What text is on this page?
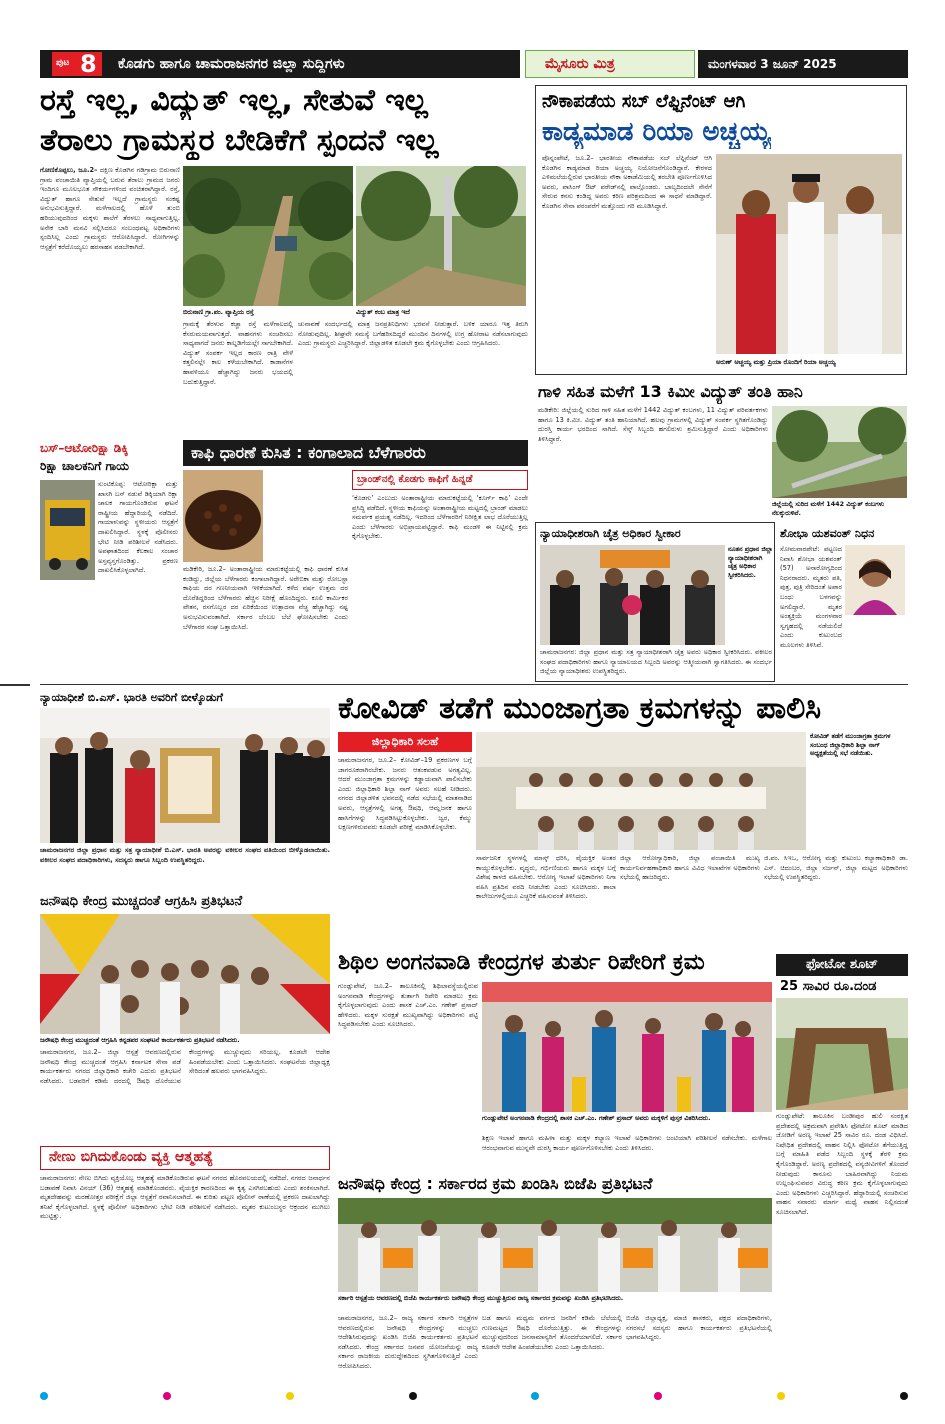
ಪುಟ 8 ಕೊಡಗು ಹಾಗೂ ಚಾಮರಾಜನಗರ ಜಿಲ್ಲಾ ಸುದ್ದಿಗಳು	ಮೈಸೂರು ಮಿತ್ರ	ಮಂಗಳವಾರ 3 ಜೂನ್ 2025
ರಸ್ತೆ ಇಲ್ಲ, ವಿದ್ಯುತ್ ಇಲ್ಲ, ಸೇತುವೆ ಇಲ್ಲ
ತೆರಾಲು ಗ್ರಾಮಸ್ಥರ ಬೇಡಿಕೆಗೆ ಸ್ಪಂದನೆ ಇಲ್ಲ
ಗೋಣಿಕೊಪ್ಪಲು, ಜೂ.2– ದಕ್ಷಿಣ ಕೊಡಗಿನ ಗಡಿಗ್ರಾಮ ಬಿರುನಾಣಿ ಗ್ರಾಮ ಪಂಚಾಯಿತಿ ವ್ಯಾಪ್ತಿಯಲ್ಲಿ ಬರುವ ತೆರಾಲು ಗ್ರಾಮದ ಜನರು ಇಂದಿಗೂ ಮೂಲಭೂತ ಸೌಕರ್ಯಗಳಿಂದ ವಂಚಿತರಾಗಿದ್ದಾರೆ. ರಸ್ತೆ, ವಿದ್ಯುತ್ ಹಾಗೂ ಸೇತುವೆ ಇಲ್ಲದೆ ಗ್ರಾಮಸ್ಥರು ಸಂಕಷ್ಟ ಅನುಭವಿಸುತ್ತಿದ್ದಾರೆ. ಮಳೆಗಾಲದಲ್ಲಿ ಹೊಳೆ ತುಂಬಿ ಹರಿಯುವುದರಿಂದ ಮಕ್ಕಳು ಶಾಲೆಗೆ ತೆರಳಲು ಸಾಧ್ಯವಾಗುತ್ತಿಲ್ಲ. ಅನೇಕ ಬಾರಿ ಮನವಿ ಸಲ್ಲಿಸಿದರೂ ಸಂಬಂಧಪಟ್ಟ ಅಧಿಕಾರಿಗಳು ಸ್ಪಂದಿಸಿಲ್ಲ ಎಂದು ಗ್ರಾಮಸ್ಥರು ಆರೋಪಿಸಿದ್ದಾರೆ. ರೋಗಿಗಳನ್ನು ಆಸ್ಪತ್ರೆಗೆ ಕರೆದೊಯ್ಯಲು ಹರಸಾಹಸ ಪಡಬೇಕಾಗಿದೆ.
ಬಿರುನಾಣಿ ಗ್ರಾ.ಪಂ. ವ್ಯಾಪ್ತಿಯ ರಸ್ತೆ	ವಿದ್ಯುತ್ ಕಂಬ ಮಾತ್ರ ಇದೆ
ಗ್ರಾಮಕ್ಕೆ ತೆರಳುವ ಕಚ್ಚಾ ರಸ್ತೆ ಮಳೆಗಾಲದಲ್ಲಿ ಕೆಸರುಮಯವಾಗುತ್ತದೆ. ವಾಹನಗಳು ಸಂಚರಿಸಲು ಸಾಧ್ಯವಾಗದೆ ಜನರು ಕಾಲ್ನಡಿಗೆಯಲ್ಲೇ ಸಾಗಬೇಕಾಗಿದೆ. ವಿದ್ಯುತ್ ಸಂಪರ್ಕ ಇಲ್ಲದ ಕಾರಣ ರಾತ್ರಿ ವೇಳೆ ಕತ್ತಲಿನಲ್ಲೇ ಕಾಲ ಕಳೆಯಬೇಕಾಗಿದೆ. ಕಾಡಾನೆಗಳ ಹಾವಳಿಯೂ ಹೆಚ್ಚಾಗಿದ್ದು ಜನರು ಭಯದಲ್ಲಿ ಬದುಕುತ್ತಿದ್ದಾರೆ.
ಚುನಾವಣೆ ಸಂದರ್ಭದಲ್ಲಿ ಮಾತ್ರ ಜನಪ್ರತಿನಿಧಿಗಳು ಭರವಸೆ ನೀಡುತ್ತಾರೆ. ಬಳಿಕ ಯಾರೂ ಇತ್ತ ತಿರುಗಿ ನೋಡುವುದಿಲ್ಲ. ಶೀಘ್ರವೇ ಸಮಸ್ಯೆ ಬಗೆಹರಿಸದಿದ್ದರೆ ಮುಂದಿನ ದಿನಗಳಲ್ಲಿ ಉಗ್ರ ಹೋರಾಟ ನಡೆಸಲಾಗುವುದು ಎಂದು ಗ್ರಾಮಸ್ಥರು ಎಚ್ಚರಿಸಿದ್ದಾರೆ. ಜಿಲ್ಲಾಡಳಿತ ಕೂಡಲೇ ಕ್ರಮ ಕೈಗೊಳ್ಳಬೇಕು ಎಂದು ಆಗ್ರಹಿಸಿದರು.
ನೌಕಾಪಡೆಯ ಸಬ್ ಲೆಫ್ಟಿನೆಂಟ್ ಆಗಿ
ಕಾಡ್ಯಮಾಡ ರಿಯಾ ಅಚ್ಚಯ್ಯ
ಪೊನ್ನಂಪೇಟೆ, ಜೂ.2– ಭಾರತೀಯ ನೌಕಾಪಡೆಯ ಸಬ್ ಲೆಫ್ಟಿನೆಂಟ್ ಆಗಿ ಕೊಡಗಿನ ಕಾಡ್ಯಮಾಡ ರಿಯಾ ಅಚ್ಚಯ್ಯ ನಿಯೋಜನೆಗೊಂಡಿದ್ದಾರೆ. ಕೇರಳದ ಎಳಿಮಲೆಯಲ್ಲಿರುವ ಭಾರತೀಯ ನೌಕಾ ಅಕಾಡೆಮಿಯಲ್ಲಿ ತರಬೇತಿ ಪೂರ್ಣಗೊಳಿಸಿದ ಅವರು, ಪಾಸಿಂಗ್ ಔಟ್ ಪರೇಡ್‌ನಲ್ಲಿ ಪಾಲ್ಗೊಂಡರು. ಬಾಲ್ಯದಿಂದಲೇ ಸೇನೆಗೆ ಸೇರುವ ಕನಸು ಕಂಡಿದ್ದ ಅವರು ಕಠಿಣ ಪರಿಶ್ರಮದಿಂದ ಈ ಸಾಧನೆ ಮಾಡಿದ್ದಾರೆ. ಕೊಡಗಿನ ಸೇನಾ ಪರಂಪರೆಗೆ ಮತ್ತೊಂದು ಗರಿ ಮೂಡಿಸಿದ್ದಾರೆ.
ಅರುಣ್ ಅಚ್ಚಯ್ಯ ಮತ್ತು ಪ್ರಿಯಾ ರೊಂದಿಗೆ ರಿಯಾ ಅಚ್ಚಯ್ಯ
ಗಾಳಿ ಸಹಿತ ಮಳೆಗೆ 13 ಕಿಮೀ ವಿದ್ಯುತ್ ತಂತಿ ಹಾನಿ
ಮಡಿಕೇರಿ: ಜಿಲ್ಲೆಯಲ್ಲಿ ಸುರಿದ ಗಾಳಿ ಸಹಿತ ಮಳೆಗೆ 1442 ವಿದ್ಯುತ್ ಕಂಬಗಳು, 11 ವಿದ್ಯುತ್ ಪರಿವರ್ತಕಗಳು ಹಾಗೂ 13 ಕಿ.ಮೀ. ವಿದ್ಯುತ್ ತಂತಿ ಹಾನಿಯಾಗಿದೆ. ಹಲವು ಗ್ರಾಮಗಳಲ್ಲಿ ವಿದ್ಯುತ್ ಸಂಪರ್ಕ ಸ್ಥಗಿತಗೊಂಡಿದ್ದು ದುರಸ್ತಿ ಕಾರ್ಯ ಭರದಿಂದ ಸಾಗಿದೆ. ಸೆಸ್ಕ್ ಸಿಬ್ಬಂದಿ ಹಗಲಿರುಳು ಶ್ರಮಿಸುತ್ತಿದ್ದಾರೆ ಎಂದು ಅಧಿಕಾರಿಗಳು ತಿಳಿಸಿದ್ದಾರೆ.
ಜಿಲ್ಲೆಯಲ್ಲಿ ಸುರಿದ ಮಳೆಗೆ 1442 ವಿದ್ಯುತ್ ಕಂಬಗಳು ನೆಲಕ್ಕುರುಳಿವೆ.
ನ್ಯಾಯಾಧೀಶರಾಗಿ ಚೈತ್ರ ಅಧಿಕಾರ ಸ್ವೀಕಾರ
ನೂತನ ಪ್ರಧಾನ ಜಿಲ್ಲಾ ನ್ಯಾಯಾಧೀಶರಾಗಿ ಚೈತ್ರ ಅಧಿಕಾರ ಸ್ವೀಕರಿಸಿದರು.
ಚಾಮರಾಜನಗರ: ಜಿಲ್ಲಾ ಪ್ರಧಾನ ಮತ್ತು ಸತ್ರ ನ್ಯಾಯಾಧೀಶರಾಗಿ ಚೈತ್ರ ಅವರು ಅಧಿಕಾರ ಸ್ವೀಕರಿಸಿದರು. ವಕೀಲರ ಸಂಘದ ಪದಾಧಿಕಾರಿಗಳು ಹಾಗೂ ನ್ಯಾಯಾಲಯದ ಸಿಬ್ಬಂದಿ ಅವರನ್ನು ಆತ್ಮೀಯವಾಗಿ ಸ್ವಾಗತಿಸಿದರು. ಈ ಸಂದರ್ಭ ಜಿಲ್ಲೆಯ ನ್ಯಾಯಾಧೀಶರು ಉಪಸ್ಥಿತರಿದ್ದರು.
ಶೋಭಾ ಯಶವಂತ್ ನಿಧನ
ಸೋಮವಾರಪೇಟೆ: ಪಟ್ಟಣದ ನಿವಾಸಿ ಶೋಭಾ ಯಶವಂತ್ (57) ಅನಾರೋಗ್ಯದಿಂದ ನಿಧನರಾದರು. ಮೃತರು ಪತಿ, ಪುತ್ರ, ಪುತ್ರಿ ಸೇರಿದಂತೆ ಅಪಾರ ಬಂಧು ಬಳಗವನ್ನು ಅಗಲಿದ್ದಾರೆ. ಮೃತರ ಅಂತ್ಯಕ್ರಿಯೆ ಮಂಗಳವಾರ ಸ್ವಗೃಹದಲ್ಲಿ ನಡೆಯಲಿದೆ ಎಂದು ಕುಟುಂಬದ ಮೂಲಗಳು ತಿಳಿಸಿವೆ.
ಬಸ್–ಆಟೋರಿಕ್ಷಾ ಡಿಕ್ಕಿ
ರಿಕ್ಷಾ ಚಾಲಕನಿಗೆ ಗಾಯ
ಸುಂಟಿಕೊಪ್ಪ: ಆಟೋರಿಕ್ಷಾ ಮತ್ತು ಖಾಸಗಿ ಬಸ್ ನಡುವೆ ಡಿಕ್ಕಿಯಾಗಿ ರಿಕ್ಷಾ ಚಾಲಕ ಗಾಯಗೊಂಡಿರುವ ಘಟನೆ ರಾಷ್ಟ್ರೀಯ ಹೆದ್ದಾರಿಯಲ್ಲಿ ನಡೆದಿದೆ. ಗಾಯಾಳುವನ್ನು ಸ್ಥಳೀಯರು ಆಸ್ಪತ್ರೆಗೆ ದಾಖಲಿಸಿದ್ದಾರೆ. ಸ್ಥಳಕ್ಕೆ ಪೊಲೀಸರು ಭೇಟಿ ನೀಡಿ ಪರಿಶೀಲನೆ ನಡೆಸಿದರು. ಅಪಘಾತದಿಂದ ಕೆಲಕಾಲ ಸಂಚಾರ ಅಸ್ತವ್ಯಸ್ತಗೊಂಡಿತ್ತು. ಪ್ರಕರಣ ದಾಖಲಿಸಿಕೊಳ್ಳಲಾಗಿದೆ.
ಕಾಫಿ ಧಾರಣೆ ಕುಸಿತ : ಕಂಗಾಲಾದ ಬೆಳೆಗಾರರು
ಮಡಿಕೇರಿ, ಜೂ.2– ಅಂತಾರಾಷ್ಟ್ರೀಯ ಮಾರುಕಟ್ಟೆಯಲ್ಲಿ ಕಾಫಿ ಧಾರಣೆ ಕುಸಿತ ಕಂಡಿದ್ದು, ಜಿಲ್ಲೆಯ ಬೆಳೆಗಾರರು ಕಂಗಾಲಾಗಿದ್ದಾರೆ. ಅರೇಬಿಕಾ ಮತ್ತು ರೋಬಸ್ಟಾ ಕಾಫಿಯ ದರ ಗಣನೀಯವಾಗಿ ಇಳಿಕೆಯಾಗಿದೆ. ಕಳೆದ ವರ್ಷ ಉತ್ತಮ ದರ ದೊರೆತಿದ್ದರಿಂದ ಬೆಳೆಗಾರರು ಹೆಚ್ಚಿನ ನಿರೀಕ್ಷೆ ಹೊಂದಿದ್ದರು. ಕೂಲಿ ಕಾರ್ಮಿಕರ ವೇತನ, ರಸಗೊಬ್ಬರ ದರ ಏರಿಕೆಯಿಂದ ಉತ್ಪಾದನಾ ವೆಚ್ಚ ಹೆಚ್ಚಾಗಿದ್ದು ನಷ್ಟ ಅನುಭವಿಸುವಂತಾಗಿದೆ. ಸರ್ಕಾರ ಬೆಂಬಲ ಬೆಲೆ ಘೋಷಿಸಬೇಕು ಎಂದು ಬೆಳೆಗಾರರ ಸಂಘ ಒತ್ತಾಯಿಸಿದೆ.
ಬ್ರಾಂಡ್‌ನಲ್ಲಿ ಕೊಡಗು ಕಾಫಿಗೆ ಹಿನ್ನಡೆ
‘ಕೊಡಗು’ ಎಂಬುದು ಅಂತಾರಾಷ್ಟ್ರೀಯ ಮಾರುಕಟ್ಟೆಯಲ್ಲಿ ‘ಕೂರ್ಗ್ ಕಾಫಿ’ ಎಂದೇ ಪ್ರಸಿದ್ಧಿ ಪಡೆದಿದೆ. ಸ್ಥಳೀಯ ಕಾಫಿಯನ್ನು ಅಂತಾರಾಷ್ಟ್ರೀಯ ಮಟ್ಟದಲ್ಲಿ ಬ್ರಾಂಡ್ ಮಾಡಲು ಸಮರ್ಪಕ ಪ್ರಯತ್ನ ನಡೆದಿಲ್ಲ. ಇದರಿಂದ ಬೆಳೆಗಾರರಿಗೆ ನಿರೀಕ್ಷಿತ ಲಾಭ ದೊರೆಯುತ್ತಿಲ್ಲ ಎಂದು ಬೆಳೆಗಾರರು ಅಭಿಪ್ರಾಯಪಟ್ಟಿದ್ದಾರೆ. ಕಾಫಿ ಮಂಡಳಿ ಈ ನಿಟ್ಟಿನಲ್ಲಿ ಕ್ರಮ ಕೈಗೊಳ್ಳಬೇಕು.
ನ್ಯಾಯಾಧೀಶೆ ಬಿ.ಎಸ್. ಭಾರತಿ ಅವರಿಗೆ ಬೀಳ್ಕೊಡುಗೆ
ಚಾಮರಾಜನಗರ ಜಿಲ್ಲಾ ಪ್ರಧಾನ ಮತ್ತು ಸತ್ರ ನ್ಯಾಯಾಧೀಶೆ ಬಿ.ಎಸ್. ಭಾರತಿ ಅವರನ್ನು ವಕೀಲರ ಸಂಘದ ವತಿಯಿಂದ ಬೀಳ್ಕೊಡಲಾಯಿತು. ವಕೀಲರ ಸಂಘದ ಪದಾಧಿಕಾರಿಗಳು, ಸದಸ್ಯರು ಹಾಗೂ ಸಿಬ್ಬಂದಿ ಉಪಸ್ಥಿತರಿದ್ದರು.
ಕೋವಿಡ್ ತಡೆಗೆ ಮುಂಜಾಗ್ರತಾ ಕ್ರಮಗಳನ್ನು ಪಾಲಿಸಿ
ಜಿಲ್ಲಾಧಿಕಾರಿ ಸಲಹೆ
ಚಾಮರಾಜನಗರ, ಜೂ.2– ಕೋವಿಡ್–19 ಪ್ರಕರಣಗಳ ಬಗ್ಗೆ ಜಾಗರೂಕರಾಗಿರಬೇಕು. ಜನರು ಆತಂಕಪಡುವ ಅಗತ್ಯವಿಲ್ಲ. ಆದರೆ ಮುಂಜಾಗ್ರತಾ ಕ್ರಮಗಳನ್ನು ಕಡ್ಡಾಯವಾಗಿ ಪಾಲಿಸಬೇಕು ಎಂದು ಜಿಲ್ಲಾಧಿಕಾರಿ ಶಿಲ್ಪಾ ನಾಗ್ ಅವರು ಸಲಹೆ ನೀಡಿದರು. ನಗರದ ಜಿಲ್ಲಾಡಳಿತ ಭವನದಲ್ಲಿ ನಡೆದ ಸಭೆಯಲ್ಲಿ ಮಾತನಾಡಿದ ಅವರು, ಆಸ್ಪತ್ರೆಗಳಲ್ಲಿ ಅಗತ್ಯ ಔಷಧಿ, ಆಮ್ಲಜನಕ ಹಾಗೂ ಹಾಸಿಗೆಗಳನ್ನು ಸಿದ್ಧಪಡಿಸಿಟ್ಟುಕೊಳ್ಳಬೇಕು. ಜ್ವರ, ಕೆಮ್ಮು ಲಕ್ಷಣಗಳಿರುವವರು ಕೂಡಲೇ ಪರೀಕ್ಷೆ ಮಾಡಿಸಿಕೊಳ್ಳಬೇಕು.
ಕೋವಿಡ್ ತಡೆಗೆ ಮುಂಜಾಗ್ರತಾ ಕ್ರಮಗಳ ಸಂಬಂಧ ಜಿಲ್ಲಾಧಿಕಾರಿ ಶಿಲ್ಪಾ ನಾಗ್ ಅಧ್ಯಕ್ಷತೆಯಲ್ಲಿ ಸಭೆ ನಡೆಯಿತು.
ಸಾರ್ವಜನಿಕ ಸ್ಥಳಗಳಲ್ಲಿ ಮಾಸ್ಕ್ ಧರಿಸಿ, ವೈಯಕ್ತಿಕ ಅಂತರ ಕಾಯ್ದುಕೊಳ್ಳಬೇಕು. ವೃದ್ಧರು, ಗರ್ಭಿಣಿಯರು ಹಾಗೂ ಮಕ್ಕಳ ಬಗ್ಗೆ ವಿಶೇಷ ಕಾಳಜಿ ವಹಿಸಬೇಕು. ಆರೋಗ್ಯ ಇಲಾಖೆ ಅಧಿಕಾರಿಗಳು ನಿಗಾ ವಹಿಸಿ ಪ್ರತಿದಿನ ವರದಿ ನೀಡಬೇಕು ಎಂದು ಸೂಚಿಸಿದರು. ಶಾಲಾ ಕಾಲೇಜುಗಳಲ್ಲಿಯೂ ಎಚ್ಚರಿಕೆ ವಹಿಸುವಂತೆ ತಿಳಿಸಿದರು.
ಜಿಲ್ಲಾ ಆರೋಗ್ಯಾಧಿಕಾರಿ, ಜಿಲ್ಲಾ ಪಂಚಾಯಿತಿ ಮುಖ್ಯ ಕಾರ್ಯನಿರ್ವಹಣಾಧಿಕಾರಿ ಹಾಗೂ ವಿವಿಧ ಇಲಾಖೆಗಳ ಅಧಿಕಾರಿಗಳು ಸಭೆಯಲ್ಲಿ ಹಾಜರಿದ್ದರು.
ಜಿ.ಪಂ. ಸಿಇಒ, ಆರೋಗ್ಯ ಮತ್ತು ಕುಟುಂಬ ಕಲ್ಯಾಣಾಧಿಕಾರಿ ಡಾ. ಎಸ್. ಚಿದಂಬರ, ಜಿಲ್ಲಾ ಸರ್ಜನ್, ಜಿಲ್ಲಾ ಮಟ್ಟದ ಅಧಿಕಾರಿಗಳು ಸಭೆಯಲ್ಲಿ ಉಪಸ್ಥಿತರಿದ್ದರು.
ಜನೌಷಧಿ ಕೇಂದ್ರ ಮುಚ್ಚದಂತೆ ಆಗ್ರಹಿಸಿ ಪ್ರತಿಭಟನೆ
ಜನೌಷಧಿ ಕೇಂದ್ರ ಮುಚ್ಚದಂತೆ ಆಗ್ರಹಿಸಿ ಕನ್ನಡಪರ ಸಂಘಟನೆ ಕಾರ್ಯಕರ್ತರು ಪ್ರತಿಭಟನೆ ನಡೆಸಿದರು.
ಚಾಮರಾಜನಗರ, ಜೂ.2– ಜಿಲ್ಲಾ ಆಸ್ಪತ್ರೆ ಆವರಣದಲ್ಲಿರುವ ಜನೌಷಧಿ ಕೇಂದ್ರ ಮುಚ್ಚದಂತೆ ಆಗ್ರಹಿಸಿ ಕರ್ನಾಟಕ ಸೇನಾ ಪಡೆ ಕಾರ್ಯಕರ್ತರು ನಗರದ ಜಿಲ್ಲಾಧಿಕಾರಿ ಕಚೇರಿ ಎದುರು ಪ್ರತಿಭಟನೆ ನಡೆಸಿದರು. ಬಡವರಿಗೆ ಕಡಿಮೆ ದರದಲ್ಲಿ ಔಷಧಿ ದೊರೆಯುವ ಕೇಂದ್ರಗಳನ್ನು ಮುಚ್ಚುವುದು ಸರಿಯಲ್ಲ. ಕೂಡಲೇ ಆದೇಶ ಹಿಂಪಡೆಯಬೇಕು ಎಂದು ಒತ್ತಾಯಿಸಿದರು. ಸಂಘಟನೆಯ ಜಿಲ್ಲಾಧ್ಯಕ್ಷ ಸೇರಿದಂತೆ ಹಲವರು ಭಾಗವಹಿಸಿದ್ದರು.
ನೇಣು ಬಿಗಿದುಕೊಂಡು ವ್ಯಕ್ತಿ ಆತ್ಮಹತ್ಯೆ
ಚಾಮರಾಜನಗರ: ನೇಣು ಬಿಗಿದು ವ್ಯಕ್ತಿಯೊಬ್ಬ ಆತ್ಮಹತ್ಯೆ ಮಾಡಿಕೊಂಡಿರುವ ಘಟನೆ ನಗರದ ಹೊರವಲಯದಲ್ಲಿ ನಡೆದಿದೆ. ನಗರದ ಜನಾರ್ಧನ ಬಡಾವಣೆ ನಿವಾಸಿ ವಿನಯ್ (36) ಆತ್ಮಹತ್ಯೆ ಮಾಡಿಕೊಂಡವರು. ವೈಯಕ್ತಿಕ ಕಾರಣದಿಂದ ಈ ಕೃತ್ಯ ಎಸಗಿರಬಹುದು ಎಂದು ಶಂಕಿಸಲಾಗಿದೆ. ಮೃತದೇಹವನ್ನು ಮರಣೋತ್ತರ ಪರೀಕ್ಷೆಗೆ ಜಿಲ್ಲಾ ಆಸ್ಪತ್ರೆಗೆ ರವಾನಿಸಲಾಗಿದೆ. ಈ ಕುರಿತು ಪಟ್ಟಣ ಪೊಲೀಸ್ ಠಾಣೆಯಲ್ಲಿ ಪ್ರಕರಣ ದಾಖಲಾಗಿದ್ದು ತನಿಖೆ ಕೈಗೊಳ್ಳಲಾಗಿದೆ. ಸ್ಥಳಕ್ಕೆ ಪೊಲೀಸ್ ಅಧಿಕಾರಿಗಳು ಭೇಟಿ ನೀಡಿ ಪರಿಶೀಲನೆ ನಡೆಸಿದರು. ಮೃತರ ಕುಟುಂಬಸ್ಥರ ಆಕ್ರಂದನ ಮುಗಿಲು ಮುಟ್ಟಿತ್ತು.
ಶಿಥಿಲ ಅಂಗನವಾಡಿ ಕೇಂದ್ರಗಳ ತುರ್ತು ರಿಪೇರಿಗೆ ಕ್ರಮ
ಗುಂಡ್ಲುಪೇಟೆ, ಜೂ.2– ತಾಲೂಕಿನಲ್ಲಿ ಶಿಥಿಲಾವಸ್ಥೆಯಲ್ಲಿರುವ ಅಂಗನವಾಡಿ ಕೇಂದ್ರಗಳನ್ನು ತುರ್ತಾಗಿ ರಿಪೇರಿ ಮಾಡಲು ಕ್ರಮ ಕೈಗೊಳ್ಳಲಾಗುವುದು ಎಂದು ಶಾಸಕ ಎಚ್.ಎಂ. ಗಣೇಶ್ ಪ್ರಸಾದ್ ಹೇಳಿದರು. ಮಕ್ಕಳ ಸುರಕ್ಷತೆ ಮುಖ್ಯವಾಗಿದ್ದು ಅಧಿಕಾರಿಗಳು ಪಟ್ಟಿ ಸಿದ್ಧಪಡಿಸಬೇಕು ಎಂದು ಸೂಚಿಸಿದರು.
ಗುಂಡ್ಲುಪೇಟೆ ಅಂಗನವಾಡಿ ಕೇಂದ್ರದಲ್ಲಿ ಶಾಸಕ ಎಚ್.ಎಂ. ಗಣೇಶ್ ಪ್ರಸಾದ್ ಅವರು ಮಕ್ಕಳಿಗೆ ಪುಸ್ತಕ ವಿತರಿಸಿದರು.
ಶಿಕ್ಷಣ ಇಲಾಖೆ ಹಾಗೂ ಮಹಿಳಾ ಮತ್ತು ಮಕ್ಕಳ ಕಲ್ಯಾಣ ಇಲಾಖೆ ಅಧಿಕಾರಿಗಳು ಜಂಟಿಯಾಗಿ ಪರಿಶೀಲನೆ ನಡೆಸಬೇಕು. ಮಳೆಗಾಲ ಆರಂಭವಾಗುವ ಮುನ್ನವೇ ದುರಸ್ತಿ ಕಾರ್ಯ ಪೂರ್ಣಗೊಳಿಸಬೇಕು ಎಂದು ತಿಳಿಸಿದರು.
ಫೋಟೋ ಶೂಟ್
25 ಸಾವಿರ ರೂ.ದಂಡ
ಗುಂಡ್ಲುಪೇಟೆ: ತಾಲೂಕಿನ ಬಂಡೀಪುರ ಹುಲಿ ಸಂರಕ್ಷಿತ ಪ್ರದೇಶದಲ್ಲಿ ಅಕ್ರಮವಾಗಿ ಪ್ರವೇಶಿಸಿ ಫೋಟೋ ಶೂಟ್ ಮಾಡಿದ ಜೋಡಿಗೆ ಅರಣ್ಯ ಇಲಾಖೆ 25 ಸಾವಿರ ರೂ. ದಂಡ ವಿಧಿಸಿದೆ. ನಿಷೇಧಿತ ಪ್ರದೇಶದಲ್ಲಿ ವಾಹನ ನಿಲ್ಲಿಸಿ ಫೋಟೋ ತೆಗೆಯುತ್ತಿದ್ದ ಬಗ್ಗೆ ಮಾಹಿತಿ ಪಡೆದ ಸಿಬ್ಬಂದಿ ಸ್ಥಳಕ್ಕೆ ತೆರಳಿ ಕ್ರಮ ಕೈಗೊಂಡಿದ್ದಾರೆ. ಅರಣ್ಯ ಪ್ರದೇಶದಲ್ಲಿ ವನ್ಯಜೀವಿಗಳಿಗೆ ತೊಂದರೆ ನೀಡುವುದು ಕಾನೂನು ಬಾಹಿರವಾಗಿದ್ದು ನಿಯಮ ಉಲ್ಲಂಘಿಸುವವರ ವಿರುದ್ಧ ಕಠಿಣ ಕ್ರಮ ಕೈಗೊಳ್ಳಲಾಗುವುದು ಎಂದು ಅಧಿಕಾರಿಗಳು ಎಚ್ಚರಿಸಿದ್ದಾರೆ. ಹೆದ್ದಾರಿಯಲ್ಲಿ ಸಂಚರಿಸುವ ವಾಹನ ಸವಾರರು ಮಾರ್ಗ ಮಧ್ಯೆ ವಾಹನ ನಿಲ್ಲಿಸದಂತೆ ಸೂಚಿಸಲಾಗಿದೆ.
ಜನೌಷಧಿ ಕೇಂದ್ರ : ಸರ್ಕಾರದ ಕ್ರಮ ಖಂಡಿಸಿ ಬಿಜೆಪಿ ಪ್ರತಿಭಟನೆ
ಸರ್ಕಾರಿ ಆಸ್ಪತ್ರೆಯ ಆವರಣದಲ್ಲಿ ಬಿಜೆಪಿ ಕಾರ್ಯಕರ್ತರು ಜನೌಷಧಿ ಕೇಂದ್ರ ಮುಚ್ಚುತ್ತಿರುವ ರಾಜ್ಯ ಸರ್ಕಾರದ ಕ್ರಮವನ್ನು ಖಂಡಿಸಿ ಪ್ರತಿಭಟಿಸಿದರು.
ಚಾಮರಾಜನಗರ, ಜೂ.2– ರಾಜ್ಯ ಸರ್ಕಾರ ಸರ್ಕಾರಿ ಆಸ್ಪತ್ರೆಗಳ ಆವರಣದಲ್ಲಿರುವ ಜನೌಷಧಿ ಕೇಂದ್ರಗಳನ್ನು ಮುಚ್ಚಲು ಆದೇಶಿಸಿರುವುದನ್ನು ಖಂಡಿಸಿ ಬಿಜೆಪಿ ಕಾರ್ಯಕರ್ತರು ಪ್ರತಿಭಟನೆ ನಡೆಸಿದರು. ಕೇಂದ್ರ ಸರ್ಕಾರದ ಜನಪರ ಯೋಜನೆಯನ್ನು ರಾಜ್ಯ ಸರ್ಕಾರ ರಾಜಕೀಯ ದುರುದ್ದೇಶದಿಂದ ಸ್ಥಗಿತಗೊಳಿಸುತ್ತಿದೆ ಎಂದು ಆರೋಪಿಸಿದರು.
ಬಡ ಹಾಗೂ ಮಧ್ಯಮ ವರ್ಗದ ಜನರಿಗೆ ಕಡಿಮೆ ಬೆಲೆಯಲ್ಲಿ ಗುಣಮಟ್ಟದ ಔಷಧಿ ದೊರೆಯುತ್ತಿತ್ತು. ಈ ಕೇಂದ್ರಗಳನ್ನು ಮುಚ್ಚುವುದರಿಂದ ಜನಸಾಮಾನ್ಯರಿಗೆ ತೊಂದರೆಯಾಗಲಿದೆ. ಸರ್ಕಾರ ಕೂಡಲೇ ಆದೇಶ ಹಿಂಪಡೆಯಬೇಕು ಎಂದು ಒತ್ತಾಯಿಸಿದರು.
ಬಿಜೆಪಿ ಜಿಲ್ಲಾಧ್ಯಕ್ಷ, ಮಾಜಿ ಶಾಸಕರು, ಪಕ್ಷದ ಪದಾಧಿಕಾರಿಗಳು, ನಗರಸಭೆ ಸದಸ್ಯರು ಹಾಗೂ ಕಾರ್ಯಕರ್ತರು ಪ್ರತಿಭಟನೆಯಲ್ಲಿ ಭಾಗವಹಿಸಿದ್ದರು.
